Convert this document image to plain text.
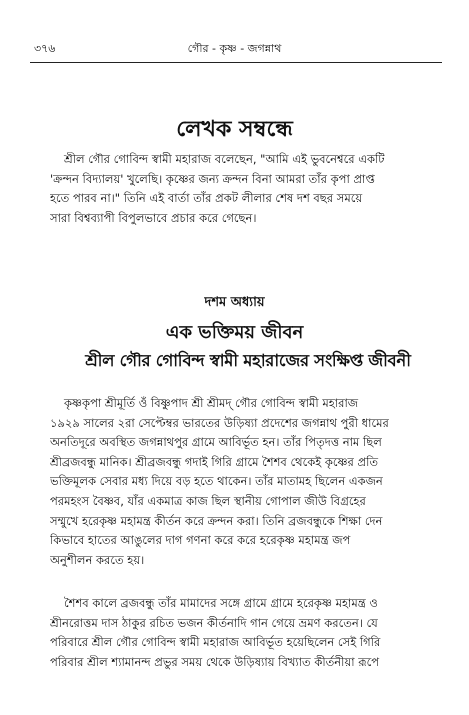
৩৭৬	গৌর - কৃষ্ণ - জগন্নাথ
লেখক সম্বন্ধে
শ্রীল গৌর গোবিন্দ স্বামী মহারাজ বলেছেন, "আমি এই ভুবনেশ্বরে একটি
'ক্রন্দন বিদ্যালয়' খুলেছি। কৃষ্ণের জন্য ক্রন্দন বিনা আমরা তাঁর কৃপা প্রাপ্ত
হতে পারব না।" তিনি এই বার্তা তাঁর প্রকট লীলার শেষ দশ বছর সময়ে
সারা বিশ্বব্যাপী বিপুলভাবে প্রচার করে গেছেন।
দশম অধ্যায়
এক ভক্তিময় জীবন
শ্রীল গৌর গোবিন্দ স্বামী মহারাজের সংক্ষিপ্ত জীবনী
কৃষ্ণকৃপা শ্রীমূর্তি ওঁ বিষ্ণুপাদ শ্রী শ্রীমদ্ গৌর গোবিন্দ স্বামী মহারাজ
১৯২৯ সালের ২রা সেপ্টেম্বর ভারতের উড়িষ্যা প্রদেশের জগন্নাথ পুরী ধামের
অনতিদূরে অবস্থিত জগন্নাথপুর গ্রামে আবির্ভূত হন। তাঁর পিতৃদত্ত নাম ছিল
শ্রীব্রজবন্ধু মানিক। শ্রীব্রজবন্ধু গদাই গিরি গ্রামে শৈশব থেকেই কৃষ্ণের প্রতি
ভক্তিমূলক সেবার মধ্য দিয়ে বড় হতে থাকেন। তাঁর মাতামহ ছিলেন একজন
পরমহংস বৈষ্ণব, যাঁর একমাত্র কাজ ছিল স্থানীয় গোপাল জীউ বিগ্রহের
সম্মুখে হরেকৃষ্ণ মহামন্ত্র কীর্তন করে ক্রন্দন করা। তিনি ব্রজবন্ধুকে শিক্ষা দেন
কিভাবে হাতের আঙুলের দাগ গণনা করে করে হরেকৃষ্ণ মহামন্ত্র জপ
অনুশীলন করতে হয়।
শৈশব কালে ব্রজবন্ধু তাঁর মামাদের সঙ্গে গ্রামে গ্রামে হরেকৃষ্ণ মহামন্ত্র ও
শ্রীনরোত্তম দাস ঠাকুর রচিত ভজন কীর্তনাদি গান গেয়ে ভ্রমণ করতেন। যে
পরিবারে শ্রীল গৌর গোবিন্দ স্বামী মহারাজ আবির্ভূত হয়েছিলেন সেই গিরি
পরিবার শ্রীল শ্যামানন্দ প্রভুর সময় থেকে উড়িষ্যায় বিখ্যাত কীর্তনীয়া রূপে
